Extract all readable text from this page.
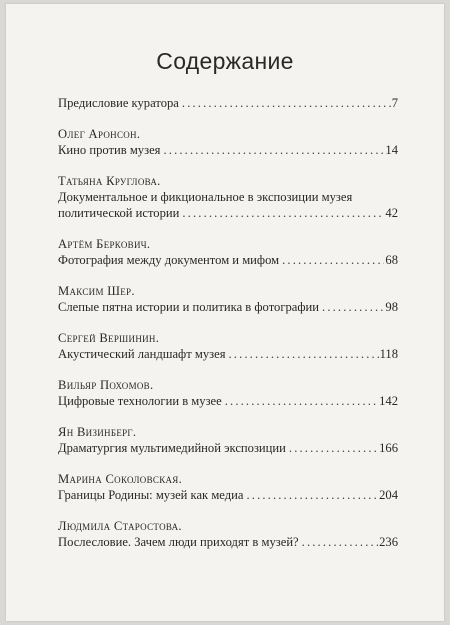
Содержание
Предисловие куратора . . .	7
Олег Аронсон.
Кино против музея . . .	14
Татьяна Круглова.
Документальное и фикциональное в экспозиции музея
политической истории . . .	42
Артём Беркович.
Фотография между документом и мифом . . .	68
Максим Шер.
Слепые пятна истории и политика в фотографии . . .	98
Сергей Вершинин.
Акустический ландшафт музея . . .	118
Вильяр Похомов.
Цифровые технологии в музее . . .	142
Ян Визинберг.
Драматургия мультимедийной экспозиции . . .	166
Марина Соколовская.
Границы Родины: музей как медиа . . .	204
Людмила Старостова.
Послесловие. Зачем люди приходят в музей? . . .	236
